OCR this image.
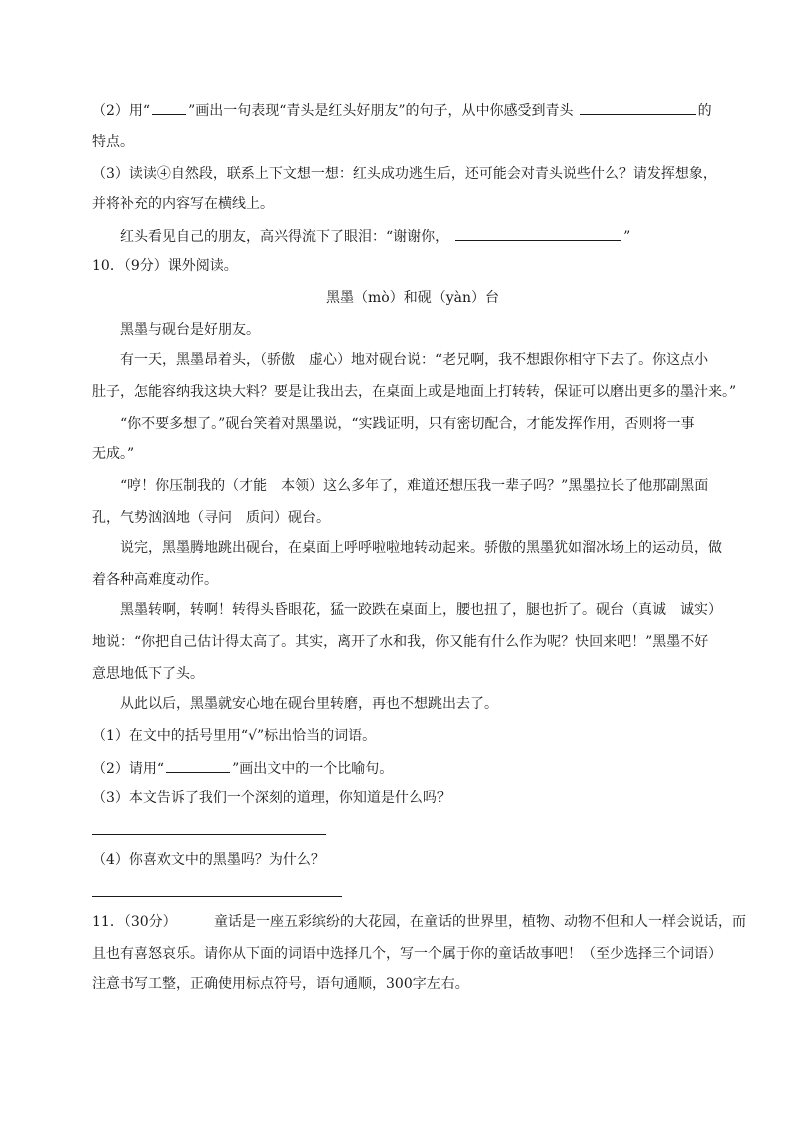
（2）用“	”画出一句表现“青头是红头好朋友”的句子，从中你感受到青头	的
特点。
（3）读读④自然段，联系上下文想一想：红头成功逃生后，还可能会对青头说些什么？请发挥想象，
并将补充的内容写在横线上。
红头看见自己的朋友，高兴得流下了眼泪：“谢谢你，	”
10．（9分）课外阅读。
黑墨（mò）和砚（yàn）台
黑墨与砚台是好朋友。
有一天，黑墨昂着头，（骄傲　虚心）地对砚台说：“老兄啊，我不想跟你相守下去了。你这点小
肚子，怎能容纳我这块大料？要是让我出去，在桌面上或是地面上打转转，保证可以磨出更多的墨汁来。”
“你不要多想了。”砚台笑着对黑墨说，“实践证明，只有密切配合，才能发挥作用，否则将一事
无成。”
“哼！你压制我的（才能　本领）这么多年了，难道还想压我一辈子吗？”黑墨拉长了他那副黑面
孔，气势汹汹地（寻问　质问）砚台。
说完，黑墨腾地跳出砚台，在桌面上呼呼啦啦地转动起来。骄傲的黑墨犹如溜冰场上的运动员，做
着各种高难度动作。
黑墨转啊，转啊！转得头昏眼花，猛一跤跌在桌面上，腰也扭了，腿也折了。砚台（真诚　诚实）
地说：“你把自己估计得太高了。其实，离开了水和我，你又能有什么作为呢？快回来吧！”黑墨不好
意思地低下了头。
从此以后，黑墨就安心地在砚台里转磨，再也不想跳出去了。
（1）在文中的括号里用“√”标出恰当的词语。
（2）请用“	”画出文中的一个比喻句。
（3）本文告诉了我们一个深刻的道理，你知道是什么吗？
（4）你喜欢文中的黑墨吗？为什么？
11．（30分）	童话是一座五彩缤纷的大花园，在童话的世界里，植物、动物不但和人一样会说话，而
且也有喜怒哀乐。请你从下面的词语中选择几个，写一个属于你的童话故事吧！（至少选择三个词语）
注意书写工整，正确使用标点符号，语句通顺，300字左右。
